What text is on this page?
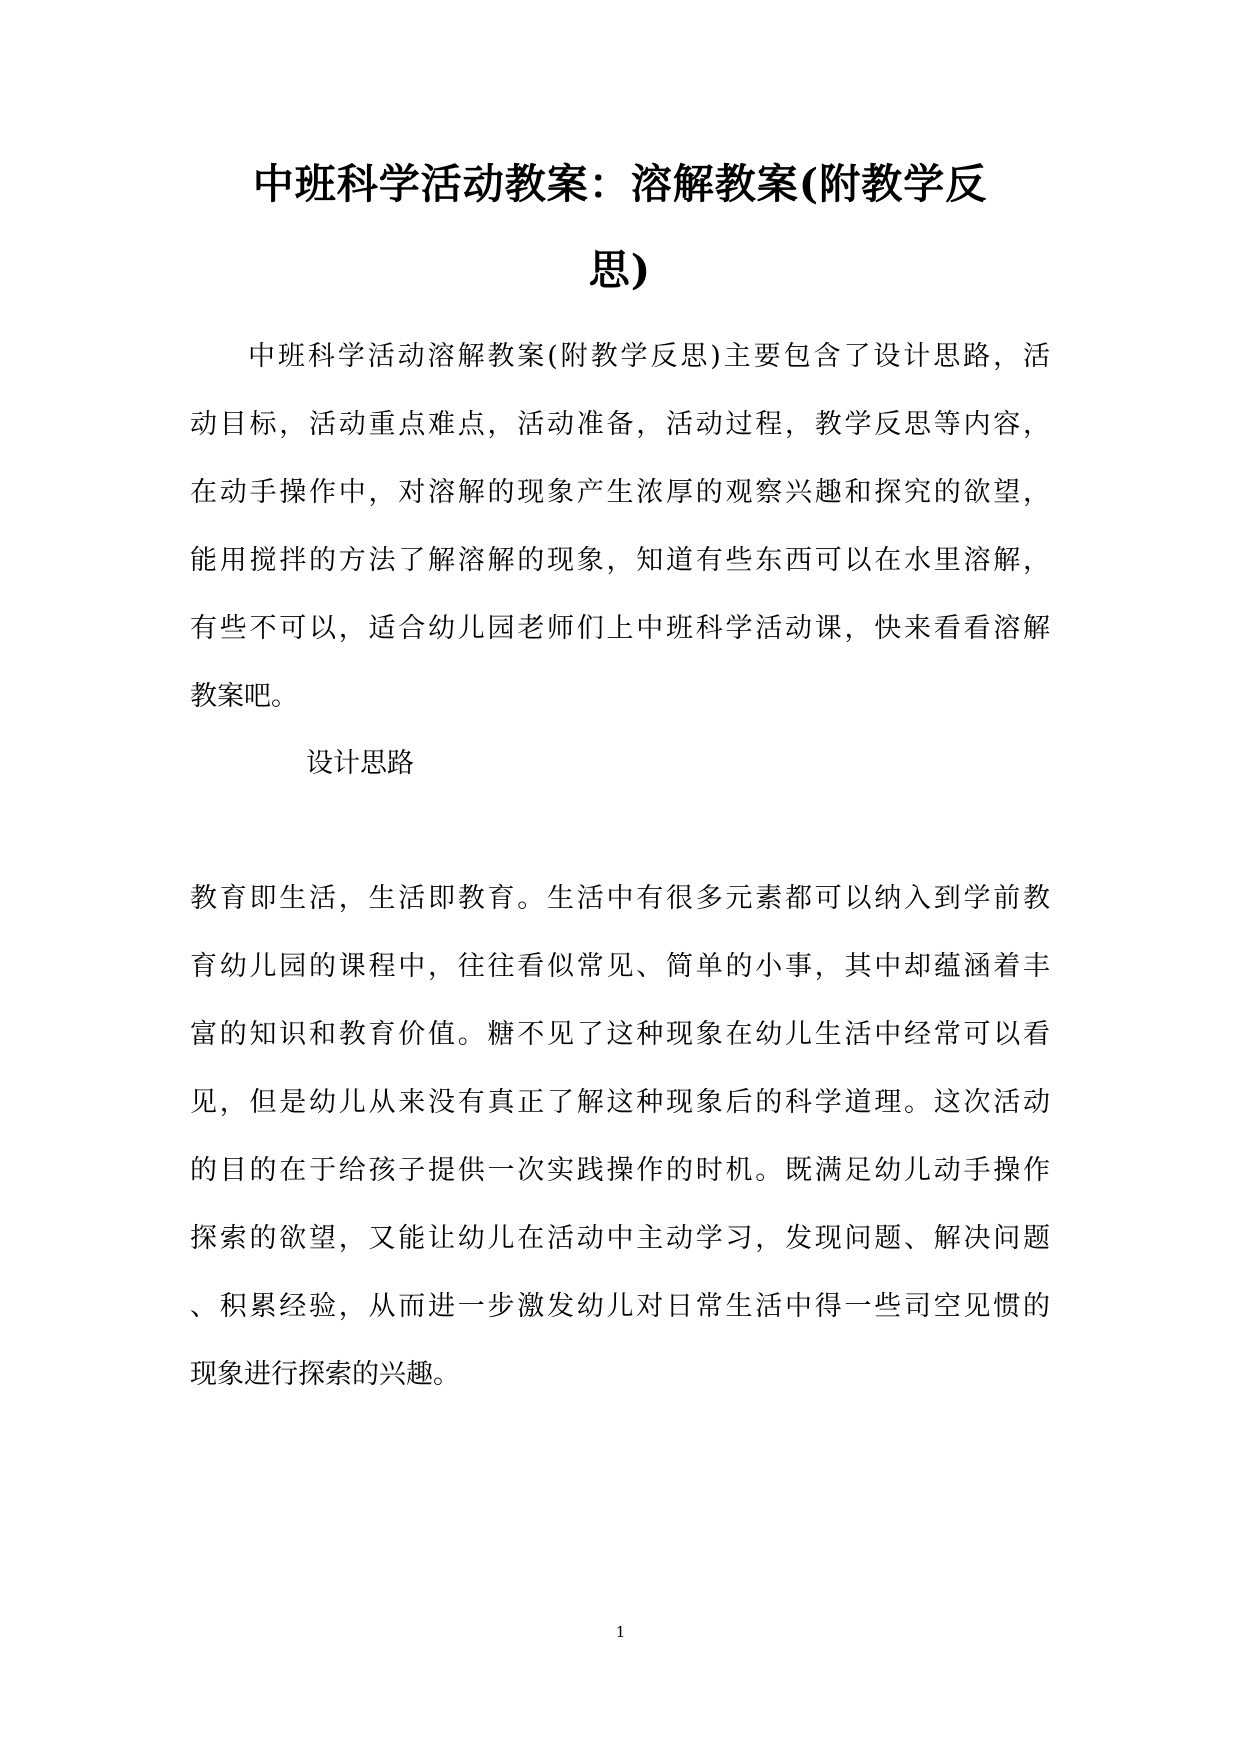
中班科学活动教案：溶解教案(附教学反
思)
中班科学活动溶解教案(附教学反思)主要包含了设计思路，活
动目标，活动重点难点，活动准备，活动过程，教学反思等内容，
在动手操作中，对溶解的现象产生浓厚的观察兴趣和探究的欲望，
能用搅拌的方法了解溶解的现象，知道有些东西可以在水里溶解，
有些不可以，适合幼儿园老师们上中班科学活动课，快来看看溶解
教案吧。
设计思路
教育即生活，生活即教育。生活中有很多元素都可以纳入到学前教
育幼儿园的课程中，往往看似常见、简单的小事，其中却蕴涵着丰
富的知识和教育价值。糖不见了这种现象在幼儿生活中经常可以看
见，但是幼儿从来没有真正了解这种现象后的科学道理。这次活动
的目的在于给孩子提供一次实践操作的时机。既满足幼儿动手操作
探索的欲望，又能让幼儿在活动中主动学习，发现问题、解决问题
、积累经验，从而进一步激发幼儿对日常生活中得一些司空见惯的
现象进行探索的兴趣。
1
